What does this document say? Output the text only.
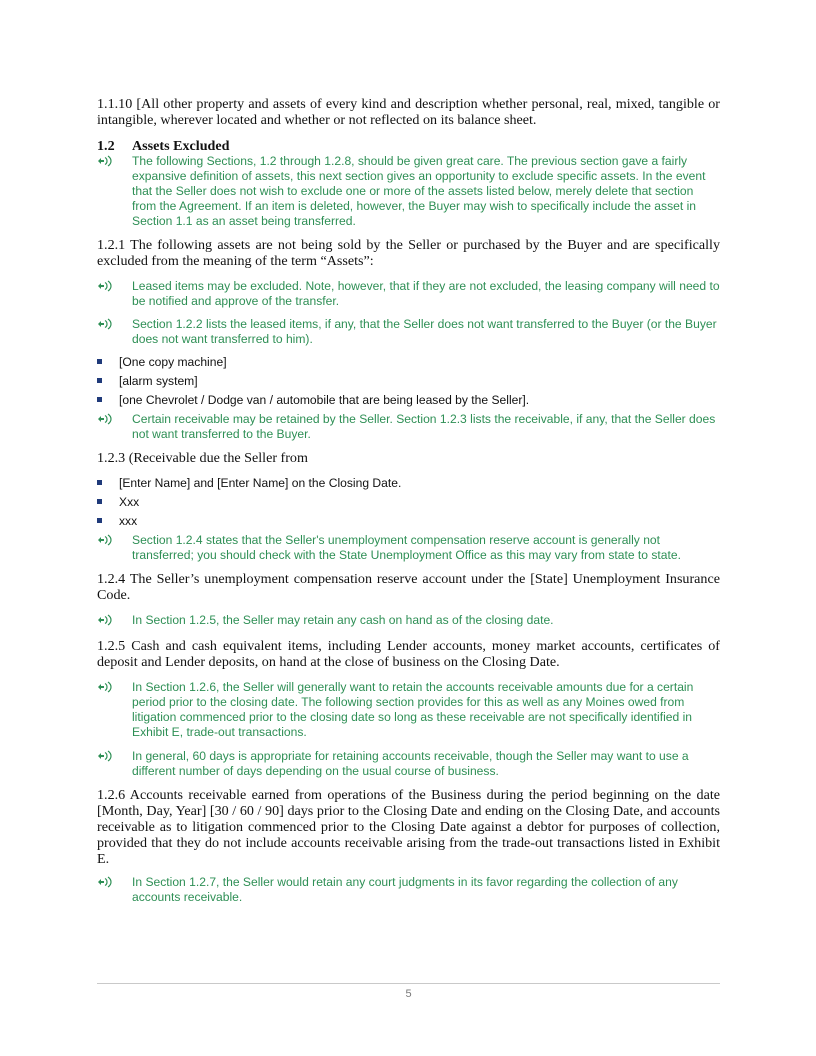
1.1.10 [All other property and assets of every kind and description whether personal, real, mixed, tangible or intangible, wherever located and whether or not reflected on its balance sheet.

1.2	Assets Excluded
The following Sections, 1.2 through 1.2.8, should be given great care. The previous section gave a fairly expansive definition of assets, this next section gives an opportunity to exclude specific assets. In the event that the Seller does not wish to exclude one or more of the assets listed below, merely delete that section from the Agreement. If an item is deleted, however, the Buyer may wish to specifically include the asset in Section 1.1 as an asset being transferred.

1.2.1 The following assets are not being sold by the Seller or purchased by the Buyer and are specifically excluded from the meaning of the term “Assets”:

Leased items may be excluded. Note, however, that if they are not excluded, the leasing company will need to be notified and approve of the transfer.
Section 1.2.2 lists the leased items, if any, that the Seller does not want transferred to the Buyer (or the Buyer does not want transferred to him).
[One copy machine]
[alarm system]
[one Chevrolet / Dodge van / automobile that are being leased by the Seller].
Certain receivable may be retained by the Seller. Section 1.2.3 lists the receivable, if any, that the Seller does not want transferred to the Buyer.

1.2.3 (Receivable due the Seller from

[Enter Name] and [Enter Name] on the Closing Date.
Xxx
xxx
Section 1.2.4 states that the Seller's unemployment compensation reserve account is generally not transferred; you should check with the State Unemployment Office as this may vary from state to state.

1.2.4 The Seller’s unemployment compensation reserve account under the [State] Unemployment Insurance Code.

In Section 1.2.5, the Seller may retain any cash on hand as of the closing date.

1.2.5 Cash and cash equivalent items, including Lender accounts, money market accounts, certificates of deposit and Lender deposits, on hand at the close of business on the Closing Date.

In Section 1.2.6, the Seller will generally want to retain the accounts receivable amounts due for a certain period prior to the closing date. The following section provides for this as well as any Moines owed from litigation commenced prior to the closing date so long as these receivable are not specifically identified in Exhibit E, trade-out transactions.
In general, 60 days is appropriate for retaining accounts receivable, though the Seller may want to use a different number of days depending on the usual course of business.

1.2.6 Accounts receivable earned from operations of the Business during the period beginning on the date [Month, Day, Year] [30 / 60 / 90] days prior to the Closing Date and ending on the Closing Date, and accounts receivable as to litigation commenced prior to the Closing Date against a debtor for purposes of collection, provided that they do not include accounts receivable arising from the trade-out transactions listed in Exhibit E.

In Section 1.2.7, the Seller would retain any court judgments in its favor regarding the collection of any accounts receivable.
5
